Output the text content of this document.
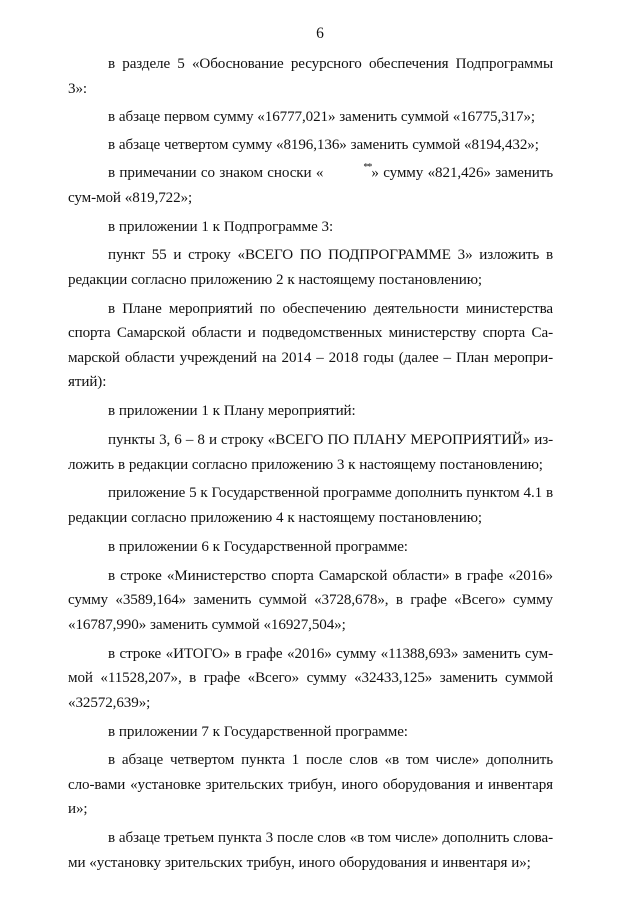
6

в разделе 5 «Обоснование ресурсного обеспечения Подпрограммы 3»:

в абзаце первом сумму «16777,021» заменить суммой «16775,317»;

в абзаце четвертом сумму «8196,136» заменить суммой «8194,432»;

в примечании со знаком сноски «	**» сумму «821,426» заменить сум-мой «819,722»;

в приложении 1 к Подпрограмме 3:

пункт 55 и строку «ВСЕГО ПО ПОДПРОГРАММЕ 3» изложить в редакции согласно приложению 2 к настоящему постановлению;

в Плане мероприятий по обеспечению деятельности министерства спорта Самарской области и подведомственных министерству спорта Са-марской области учреждений на 2014 – 2018 годы (далее – План меропри-ятий):

в приложении 1 к Плану мероприятий:

пункты 3, 6 – 8 и строку «ВСЕГО ПО ПЛАНУ МЕРОПРИЯТИЙ» из-ложить в редакции согласно приложению 3 к настоящему постановлению;

приложение 5 к Государственной программе дополнить пунктом 4.1 в редакции согласно приложению 4 к настоящему постановлению;

в приложении 6 к Государственной программе:

в строке «Министерство спорта Самарской области» в графе «2016» сумму «3589,164» заменить суммой «3728,678», в графе «Всего» сумму «16787,990» заменить суммой «16927,504»;

в строке «ИТОГО» в графе «2016» сумму «11388,693» заменить сум-мой «11528,207», в графе «Всего» сумму «32433,125» заменить суммой «32572,639»;

в приложении 7 к Государственной программе:

в абзаце четвертом пункта 1 после слов «в том числе» дополнить сло-вами «установке зрительских трибун, иного оборудования и инвентаря и»;

в абзаце третьем пункта 3 после слов «в том числе» дополнить слова-ми «установку зрительских трибун, иного оборудования и инвентаря и»;
